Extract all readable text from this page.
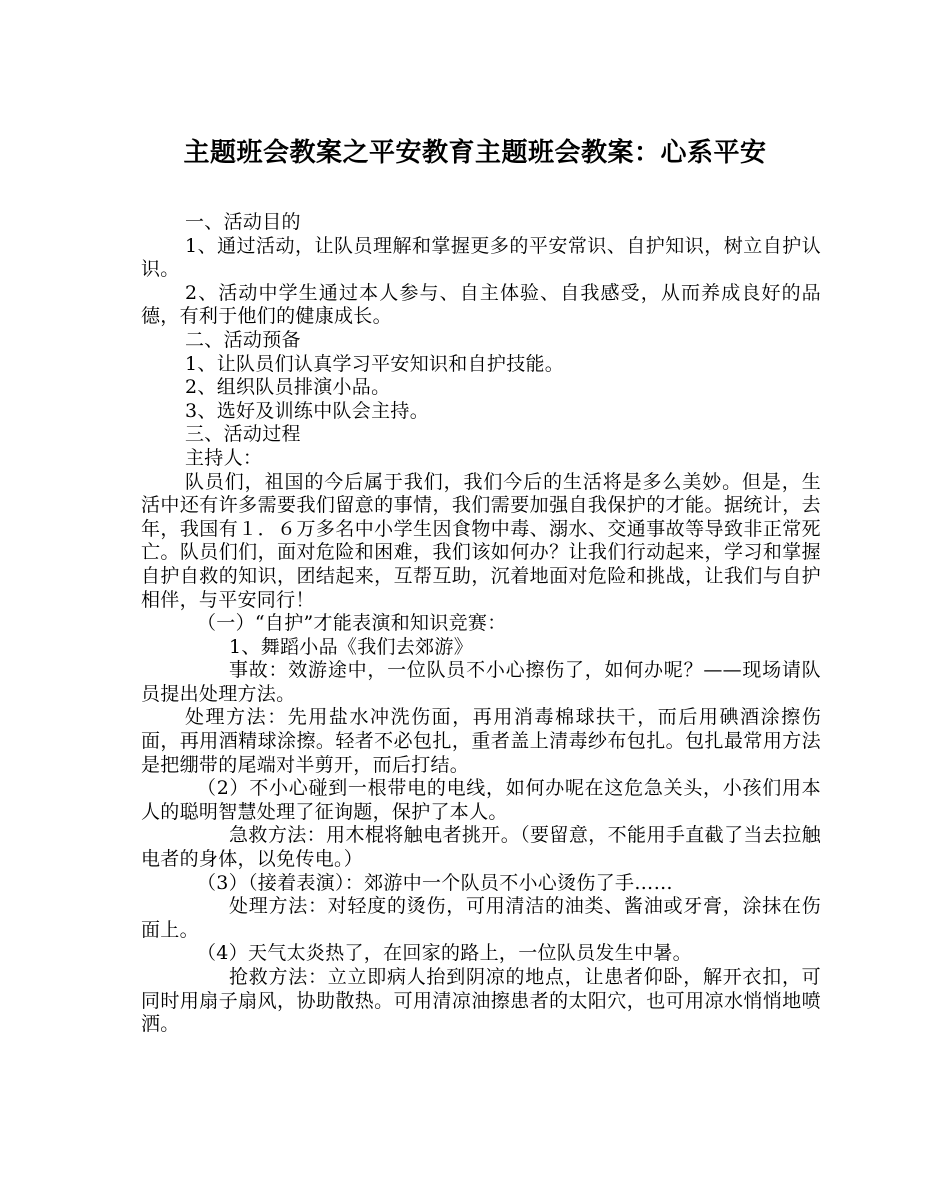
主题班会教案之平安教育主题班会教案：心系平安

一、活动目的

1、通过活动，让队员理解和掌握更多的平安常识、自护知识，树立自护认识。

2、活动中学生通过本人参与、自主体验、自我感受，从而养成良好的品德，有利于他们的健康成长。

二、活动预备

1、让队员们认真学习平安知识和自护技能。

2、组织队员排演小品。

3、选好及训练中队会主持。

三、活动过程

主持人：

队员们，祖国的今后属于我们，我们今后的生活将是多么美妙。但是，生活中还有许多需要我们留意的事情，我们需要加强自我保护的才能。据统计，去年，我国有１．６万多名中小学生因食物中毒、溺水、交通事故等导致非正常死亡。队员们们，面对危险和困难，我们该如何办？让我们行动起来，学习和掌握自护自救的知识，团结起来，互帮互助，沉着地面对危险和挑战，让我们与自护相伴，与平安同行！

（一）“自护”才能表演和知识竞赛：

1、舞蹈小品《我们去郊游》

事故：效游途中，一位队员不小心擦伤了，如何办呢？——现场请队员提出处理方法。

处理方法：先用盐水冲洗伤面，再用消毒棉球扶干，而后用碘酒涂擦伤面，再用酒精球涂擦。轻者不必包扎，重者盖上清毒纱布包扎。包扎最常用方法是把绷带的尾端对半剪开，而后打结。

（2）不小心碰到一根带电的电线，如何办呢在这危急关头，小孩们用本人的聪明智慧处理了征询题，保护了本人。

急救方法：用木棍将触电者挑开。（要留意，不能用手直截了当去拉触电者的身体，以免传电。）

（3）（接着表演）：郊游中一个队员不小心烫伤了手……

处理方法：对轻度的烫伤，可用清洁的油类、酱油或牙膏，涂抹在伤面上。

（4）天气太炎热了，在回家的路上，一位队员发生中暑。

抢救方法：立立即病人抬到阴凉的地点，让患者仰卧，解开衣扣，可同时用扇子扇风，协助散热。可用清凉油擦患者的太阳穴，也可用凉水悄悄地喷洒。
